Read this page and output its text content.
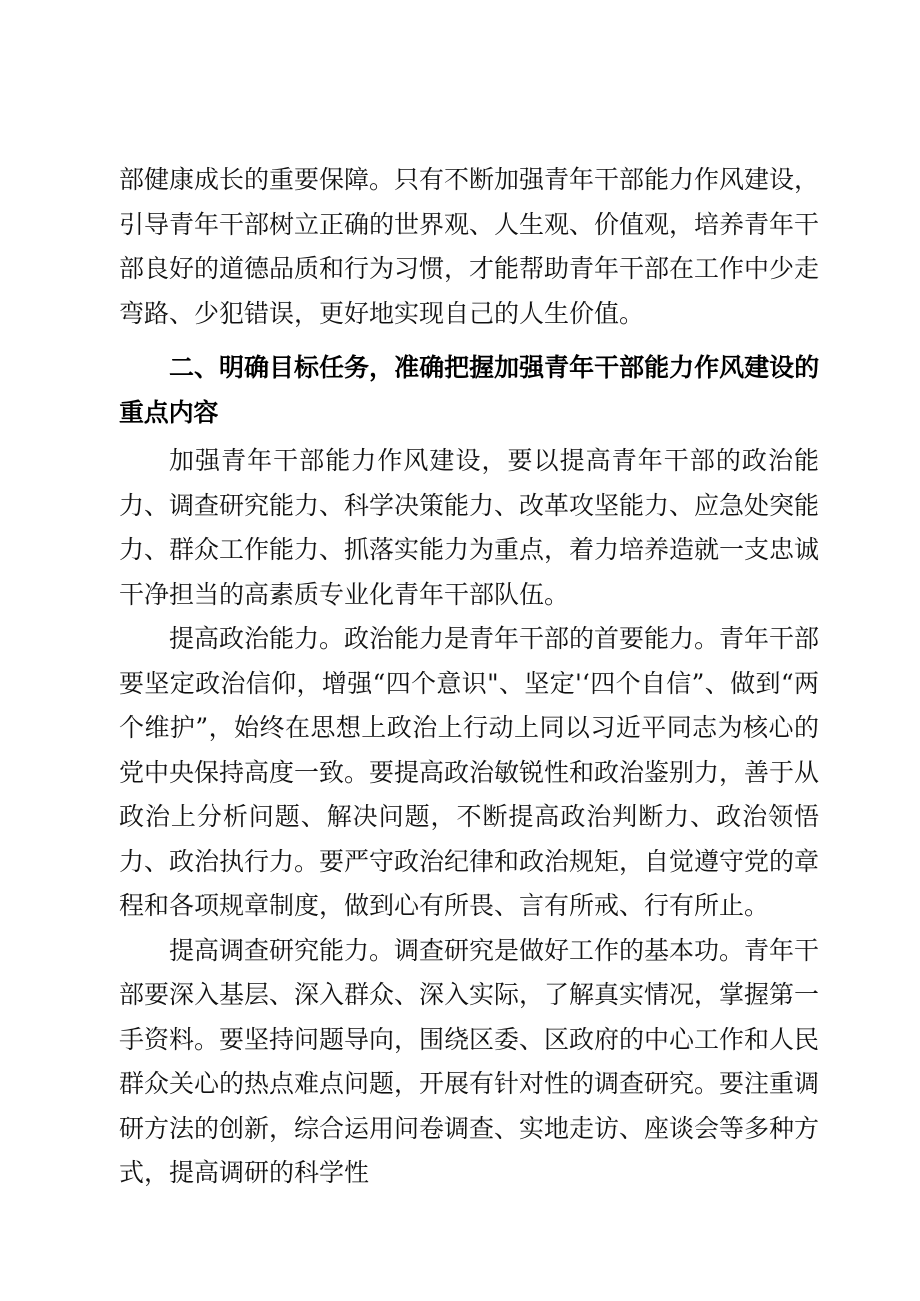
部健康成长的重要保障。只有不断加强青年干部能力作风建设，引导青年干部树立正确的世界观、人生观、价值观，培养青年干部良好的道德品质和行为习惯，才能帮助青年干部在工作中少走弯路、少犯错误，更好地实现自己的人生价值。

二、明确目标任务，准确把握加强青年干部能力作风建设的重点内容

加强青年干部能力作风建设，要以提高青年干部的政治能力、调查研究能力、科学决策能力、改革攻坚能力、应急处突能力、群众工作能力、抓落实能力为重点，着力培养造就一支忠诚干净担当的高素质专业化青年干部队伍。

提高政治能力。政治能力是青年干部的首要能力。青年干部要坚定政治信仰，增强“四个意识"、坚定'‘四个自信”、做到“两个维护”，始终在思想上政治上行动上同以习近平同志为核心的党中央保持高度一致。要提高政治敏锐性和政治鉴别力，善于从政治上分析问题、解决问题，不断提高政治判断力、政治领悟力、政治执行力。要严守政治纪律和政治规矩，自觉遵守党的章程和各项规章制度，做到心有所畏、言有所戒、行有所止。

提高调查研究能力。调查研究是做好工作的基本功。青年干部要深入基层、深入群众、深入实际，了解真实情况，掌握第一手资料。要坚持问题导向，围绕区委、区政府的中心工作和人民群众关心的热点难点问题，开展有针对性的调查研究。要注重调研方法的创新，综合运用问卷调查、实地走访、座谈会等多种方式，提高调研的科学性
